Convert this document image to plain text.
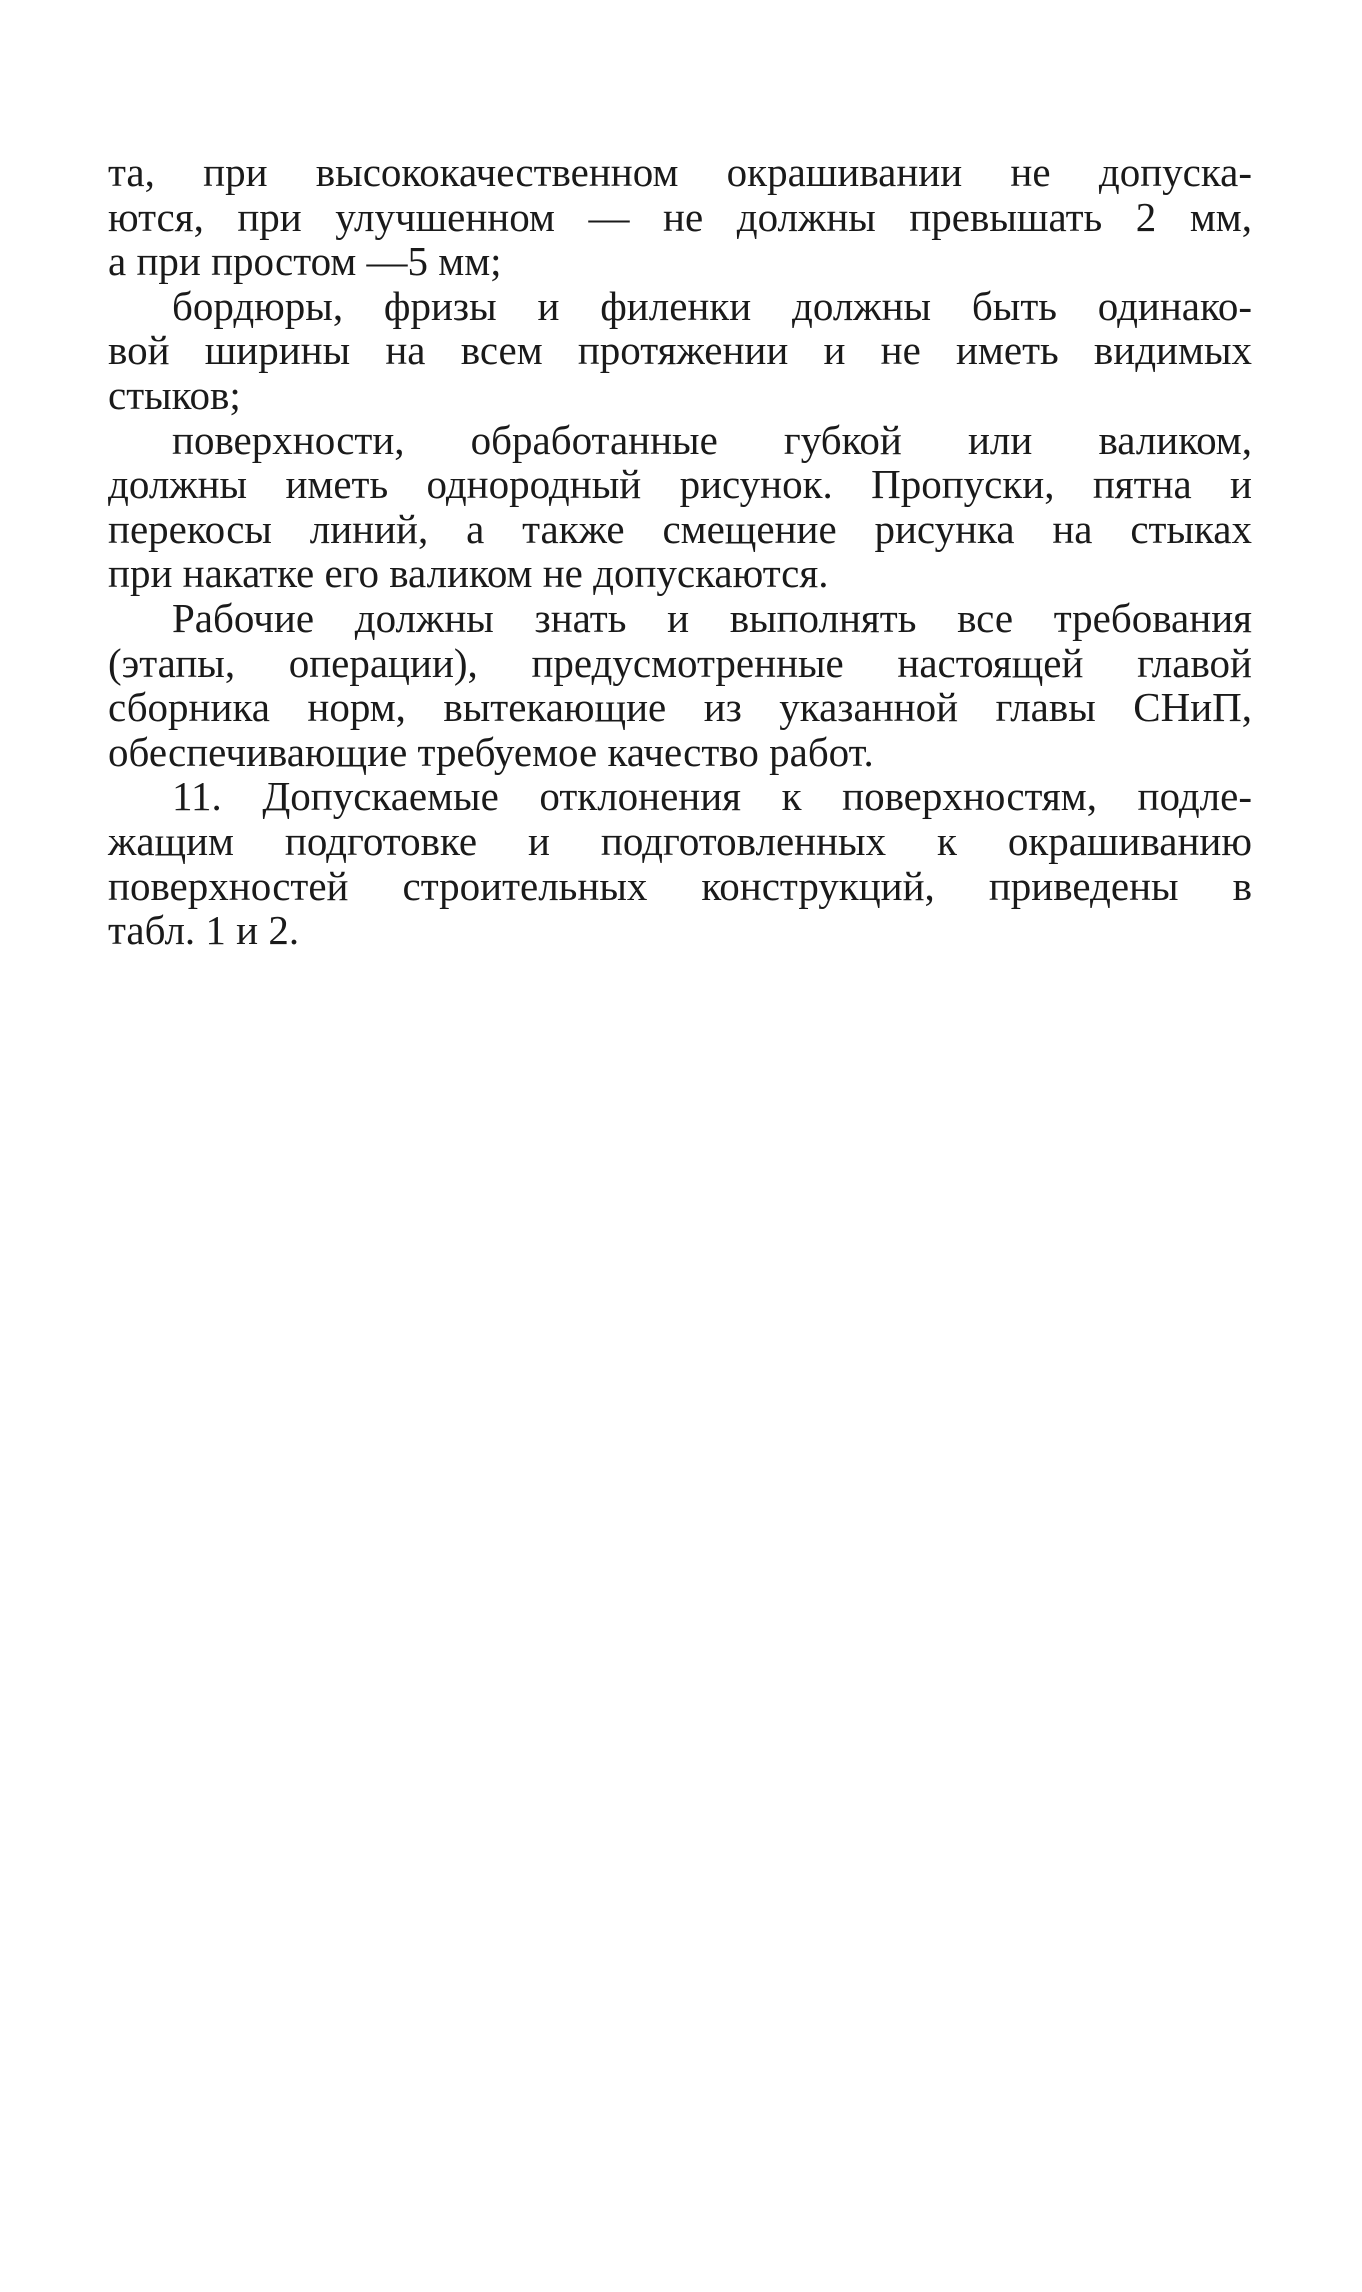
та, при высококачественном окрашивании не допуска-
ются, при улучшенном — не должны превышать 2 мм,
а при простом —5 мм;
бордюры, фризы и филенки должны быть одинако-
вой ширины на всем протяжении и не иметь видимых
стыков;
поверхности, обработанные губкой или валиком,
должны иметь однородный рисунок. Пропуски, пятна и
перекосы линий, а также смещение рисунка на стыках
при накатке его валиком не допускаются.
Рабочие должны знать и выполнять все требования
(этапы, операции), предусмотренные настоящей главой
сборника норм, вытекающие из указанной главы СНиП,
обеспечивающие требуемое качество работ.
11. Допускаемые отклонения к поверхностям, подле-
жащим подготовке и подготовленных к окрашиванию
поверхностей строительных конструкций, приведены в
табл. 1 и 2.
